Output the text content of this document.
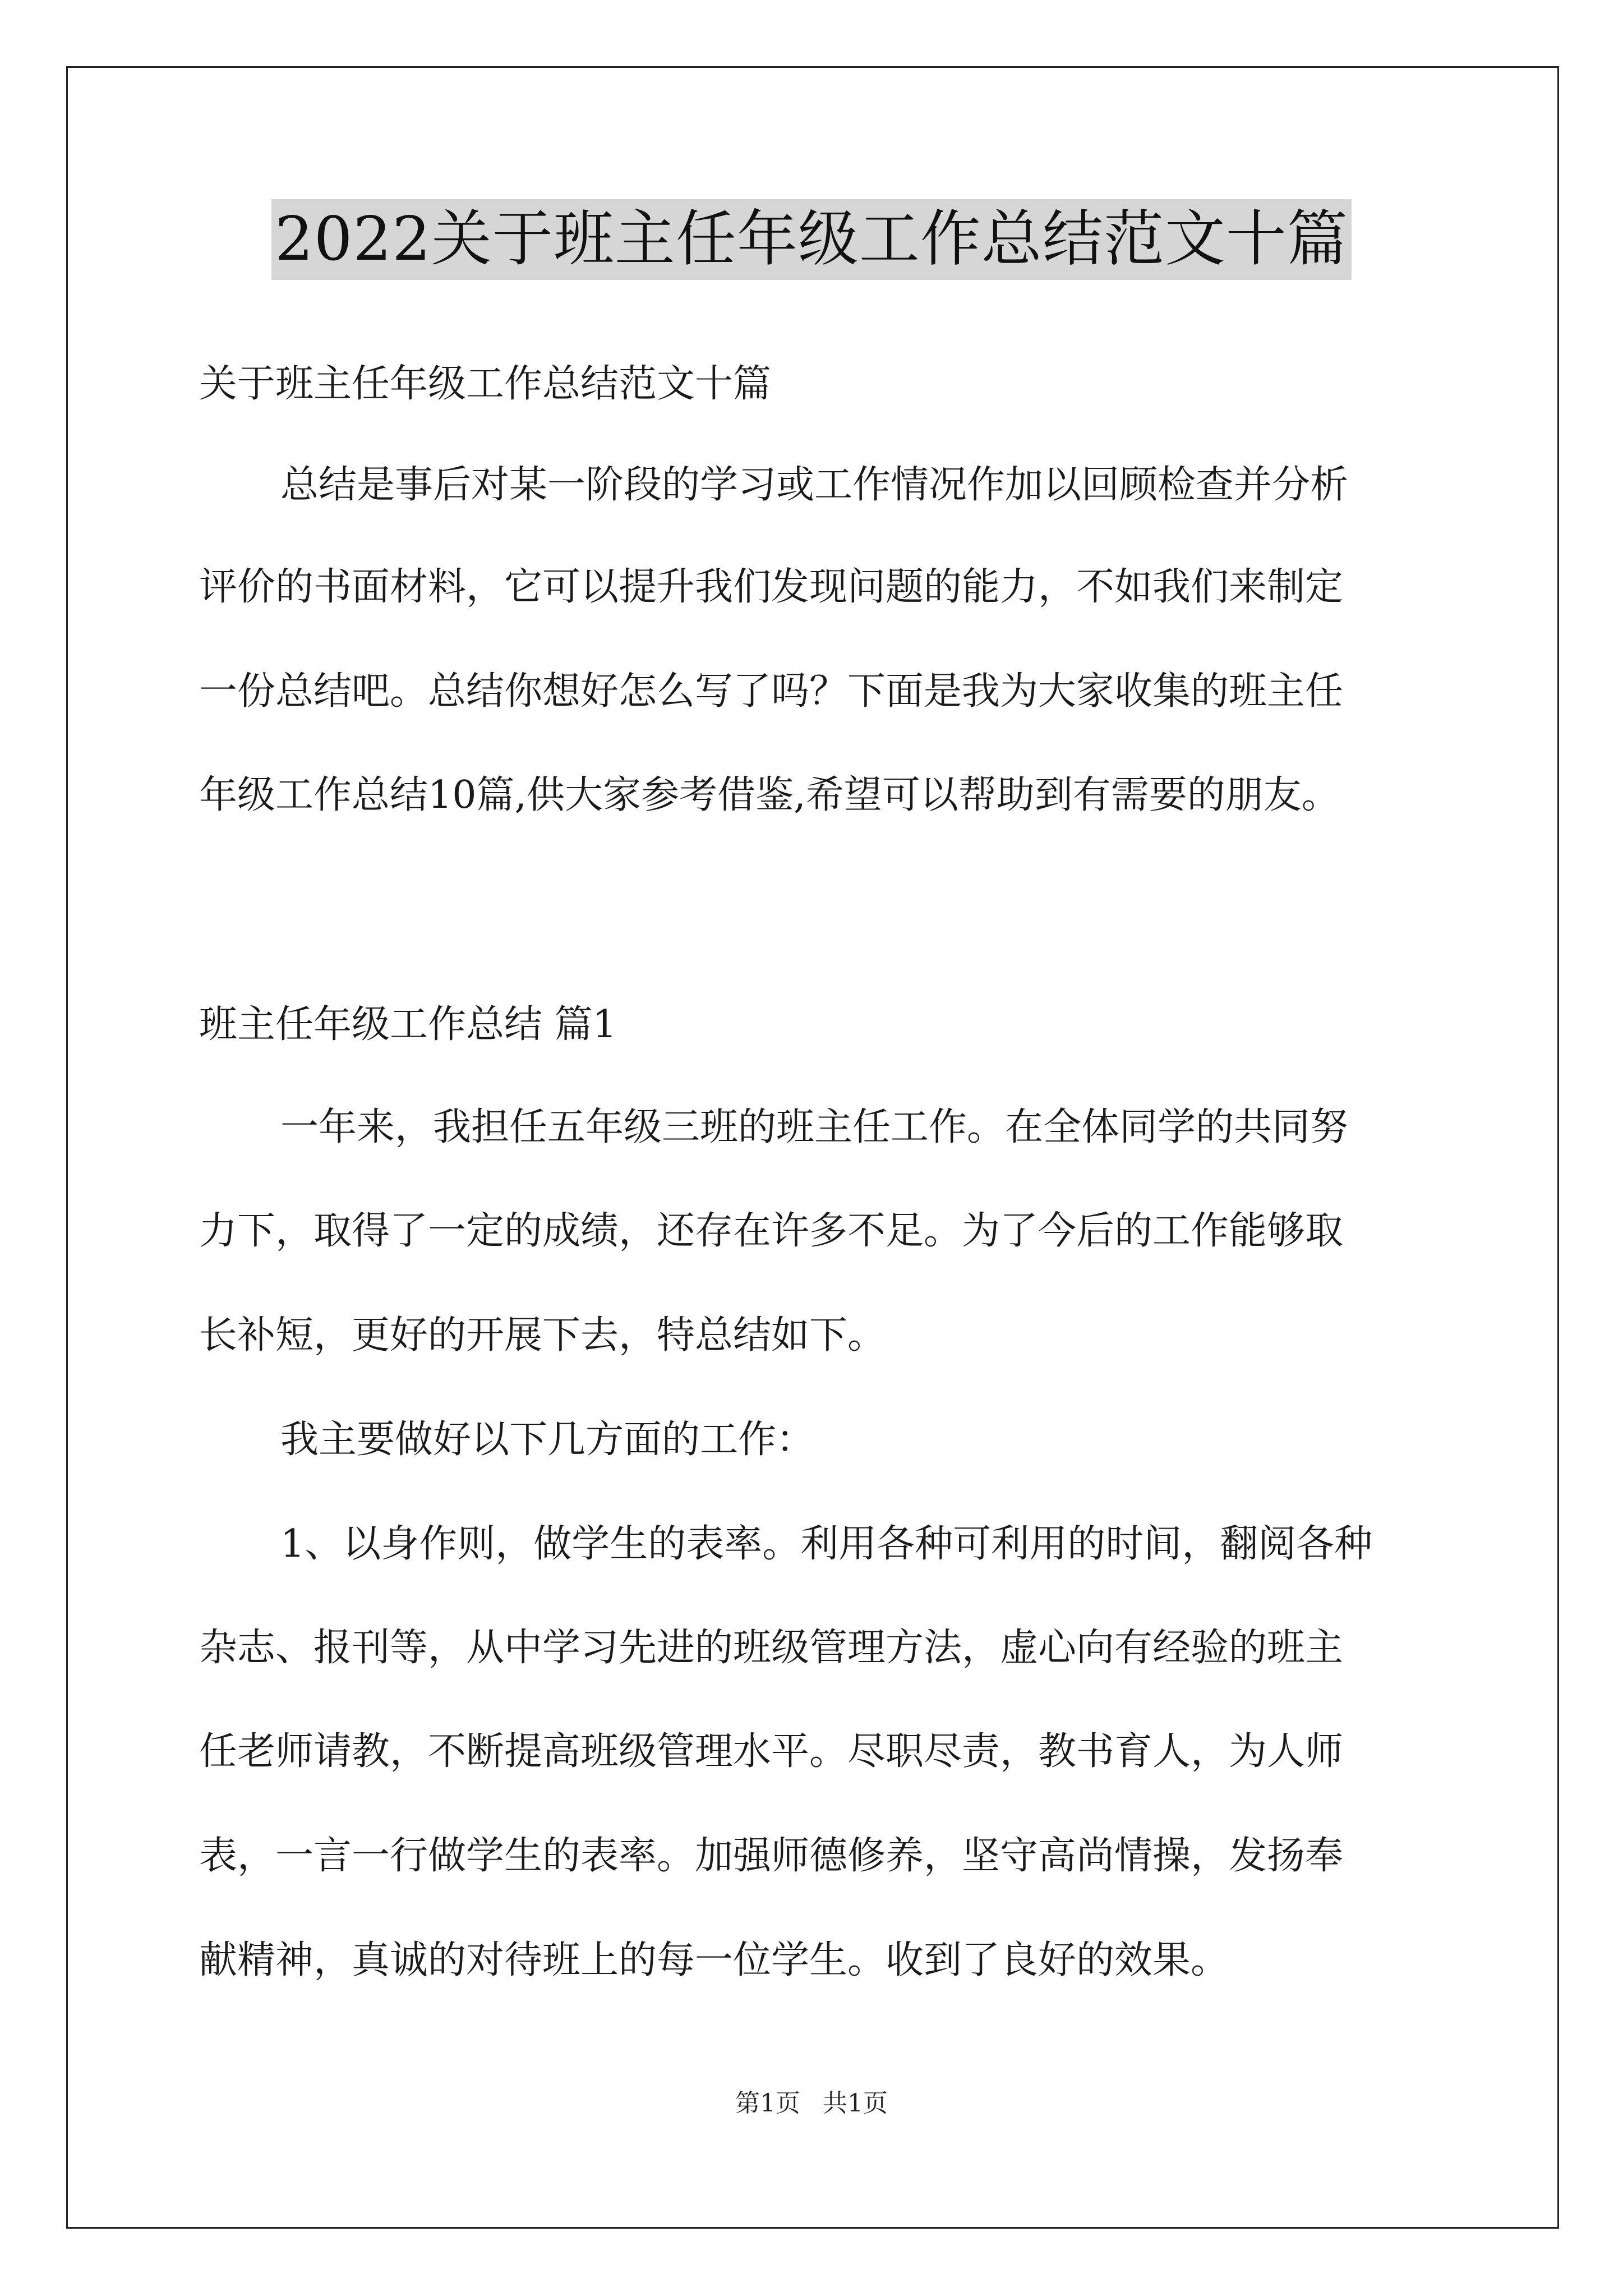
2022关于班主任年级工作总结范文十篇
关于班主任年级工作总结范文十篇
总结是事后对某一阶段的学习或工作情况作加以回顾检查并分析
评价的书面材料，它可以提升我们发现问题的能力，不如我们来制定
一份总结吧。总结你想好怎么写了吗？下面是我为大家收集的班主任
年级工作总结10篇,供大家参考借鉴,希望可以帮助到有需要的朋友。
班主任年级工作总结 篇1
一年来，我担任五年级三班的班主任工作。在全体同学的共同努
力下，取得了一定的成绩，还存在许多不足。为了今后的工作能够取
长补短，更好的开展下去，特总结如下。
我主要做好以下几方面的工作：
1、以身作则，做学生的表率。利用各种可利用的时间，翻阅各种
杂志、报刊等，从中学习先进的班级管理方法，虚心向有经验的班主
任老师请教，不断提高班级管理水平。尽职尽责，教书育人，为人师
表，一言一行做学生的表率。加强师德修养，坚守高尚情操，发扬奉
献精神，真诚的对待班上的每一位学生。收到了良好的效果。
第1页 共1页
